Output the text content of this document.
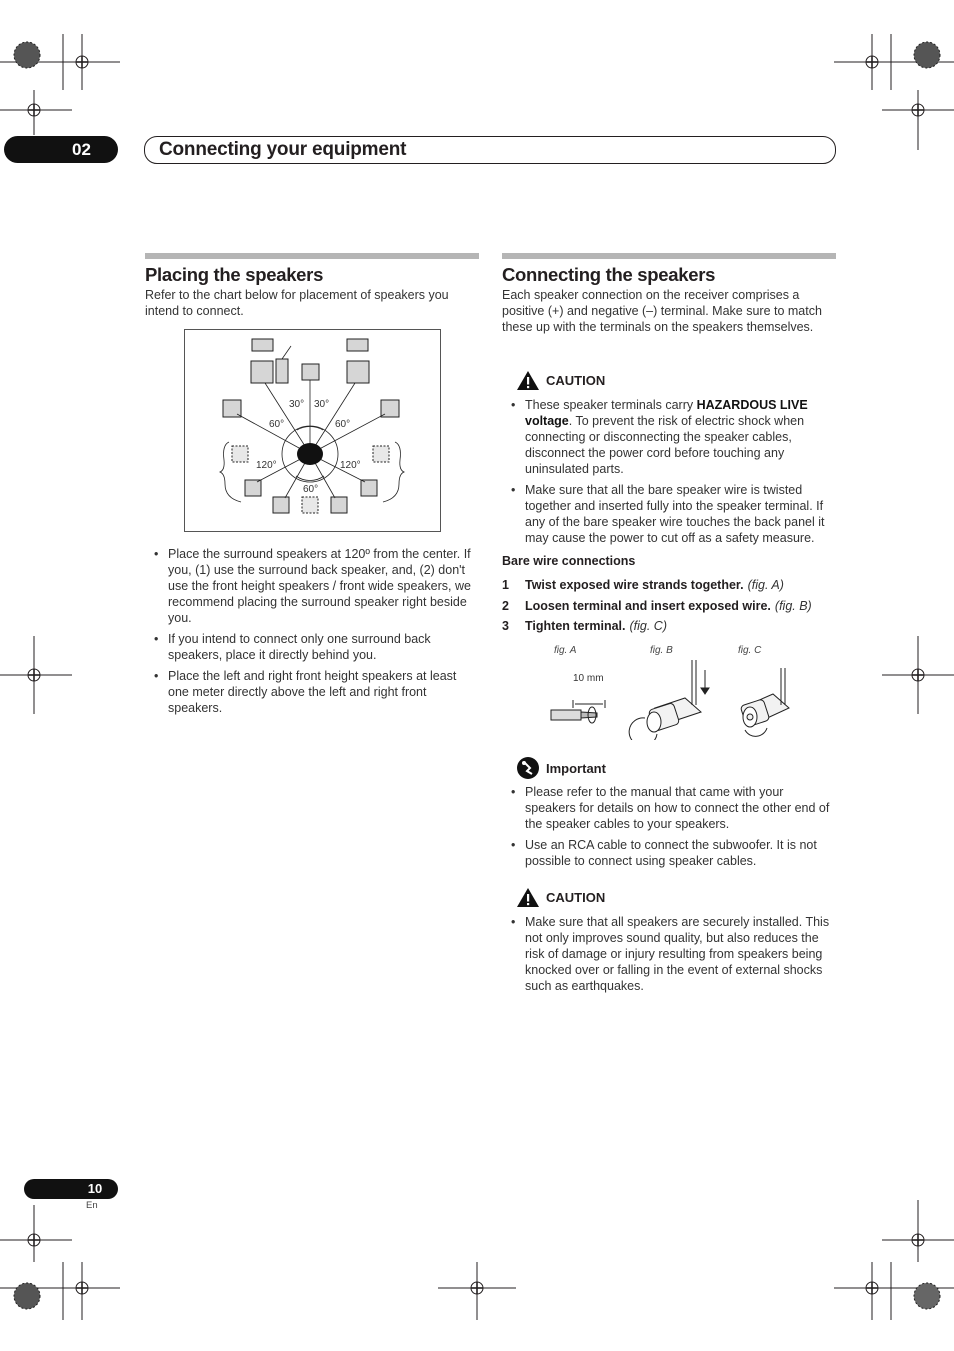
02	Connecting your equipment
Placing the speakers
Refer to the chart below for placement of speakers you intend to connect.
30° 30°
60°	60°
120°	120°
60°
• Place the surround speakers at 120º from the center. If you, (1) use the surround back speaker, and, (2) don't use the front height speakers / front wide speakers, we recommend placing the surround speaker right beside you.
• If you intend to connect only one surround back speakers, place it directly behind you.
• Place the left and right front height speakers at least one meter directly above the left and right front speakers.
Connecting the speakers
Each speaker connection on the receiver comprises a positive (+) and negative (–) terminal. Make sure to match these up with the terminals on the speakers themselves.
CAUTION
• These speaker terminals carry HAZARDOUS LIVE voltage. To prevent the risk of electric shock when connecting or disconnecting the speaker cables, disconnect the power cord before touching any uninsulated parts.
• Make sure that all the bare speaker wire is twisted together and inserted fully into the speaker terminal. If any of the bare speaker wire touches the back panel it may cause the power to cut off as a safety measure.
Bare wire connections
1	Twist exposed wire strands together. (fig. A)
2	Loosen terminal and insert exposed wire. (fig. B)
3	Tighten terminal. (fig. C)
fig. A	fig. B	fig. C
10 mm
Important
• Please refer to the manual that came with your speakers for details on how to connect the other end of the speaker cables to your speakers.
• Use an RCA cable to connect the subwoofer. It is not possible to connect using speaker cables.
CAUTION
• Make sure that all speakers are securely installed. This not only improves sound quality, but also reduces the risk of damage or injury resulting from speakers being knocked over or falling in the event of external shocks such as earthquakes.
10
En
